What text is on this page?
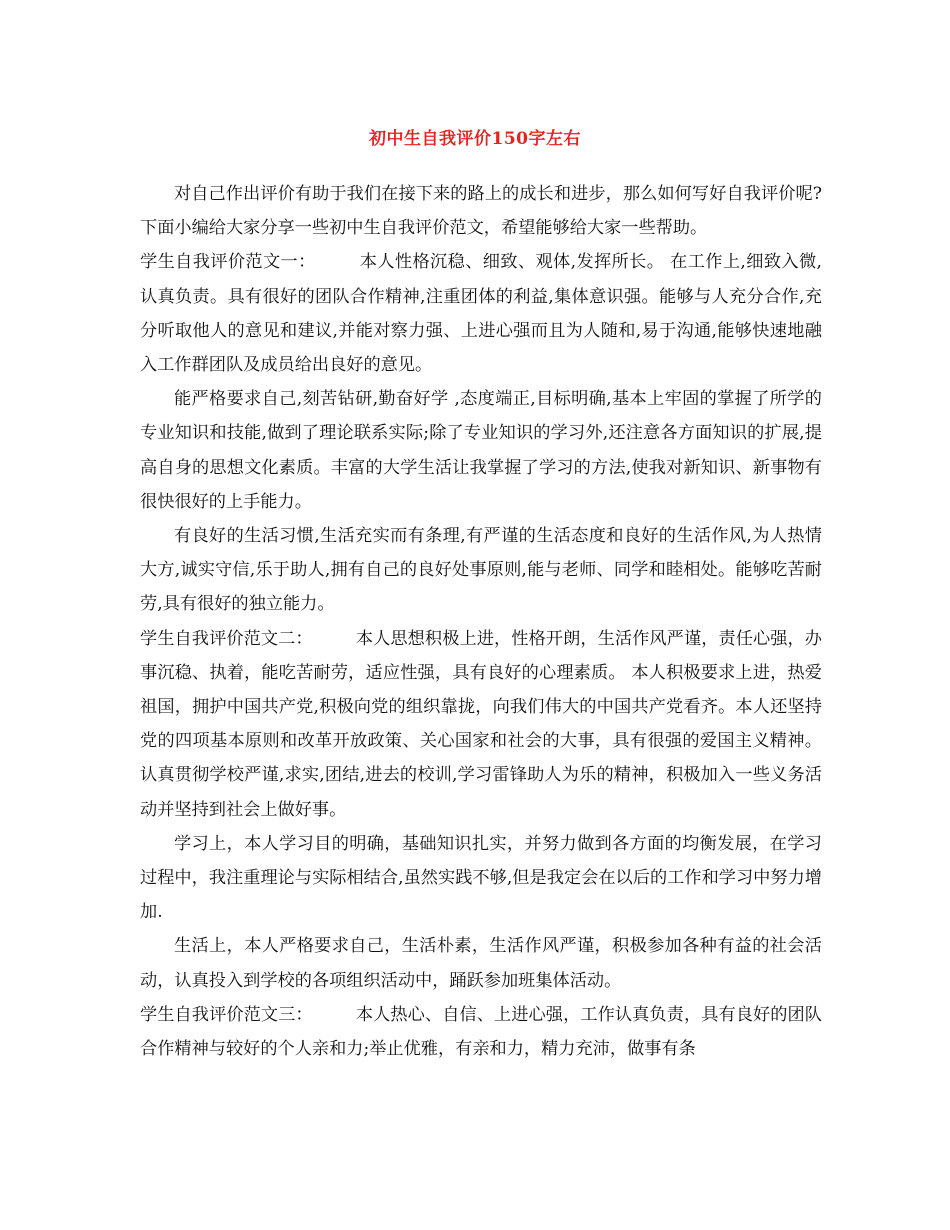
初中生自我评价150字左右

对自己作出评价有助于我们在接下来的路上的成长和进步，那么如何写好自我评价呢?下面小编给大家分享一些初中生自我评价范文，希望能够给大家一些帮助。

学生自我评价范文一：　　　本人性格沉稳、细致、观体,发挥所长。 在工作上,细致入微,认真负责。具有很好的团队合作精神,注重团体的利益,集体意识强。能够与人充分合作,充分听取他人的意见和建议,并能对察力强、上进心强而且为人随和,易于沟通,能够快速地融入工作群团队及成员给出良好的意见。

能严格要求自己,刻苦钻研,勤奋好学 ,态度端正,目标明确,基本上牢固的掌握了所学的专业知识和技能,做到了理论联系实际;除了专业知识的学习外,还注意各方面知识的扩展,提高自身的思想文化素质。丰富的大学生活让我掌握了学习的方法,使我对新知识、新事物有很快很好的上手能力。

有良好的生活习惯,生活充实而有条理,有严谨的生活态度和良好的生活作风,为人热情大方,诚实守信,乐于助人,拥有自己的良好处事原则,能与老师、同学和睦相处。能够吃苦耐劳,具有很好的独立能力。

学生自我评价范文二：　　　本人思想积极上进，性格开朗，生活作风严谨，责任心强，办事沉稳、执着，能吃苦耐劳，适应性强，具有良好的心理素质。 本人积极要求上进，热爱祖国，拥护中国共产党,积极向党的组织靠拢，向我们伟大的中国共产党看齐。本人还坚持党的四项基本原则和改革开放政策、关心国家和社会的大事，具有很强的爱国主义精神。认真贯彻学校严谨,求实,团结,进去的校训,学习雷锋助人为乐的精神，积极加入一些义务活动并坚持到社会上做好事。

学习上，本人学习目的明确，基础知识扎实，并努力做到各方面的均衡发展，在学习过程中，我注重理论与实际相结合,虽然实践不够,但是我定会在以后的工作和学习中努力增加.

生活上，本人严格要求自己，生活朴素，生活作风严谨，积极参加各种有益的社会活动，认真投入到学校的各项组织活动中，踊跃参加班集体活动。

学生自我评价范文三：　　　本人热心、自信、上进心强，工作认真负责，具有良好的团队合作精神与较好的个人亲和力;举止优雅，有亲和力，精力充沛，做事有条
